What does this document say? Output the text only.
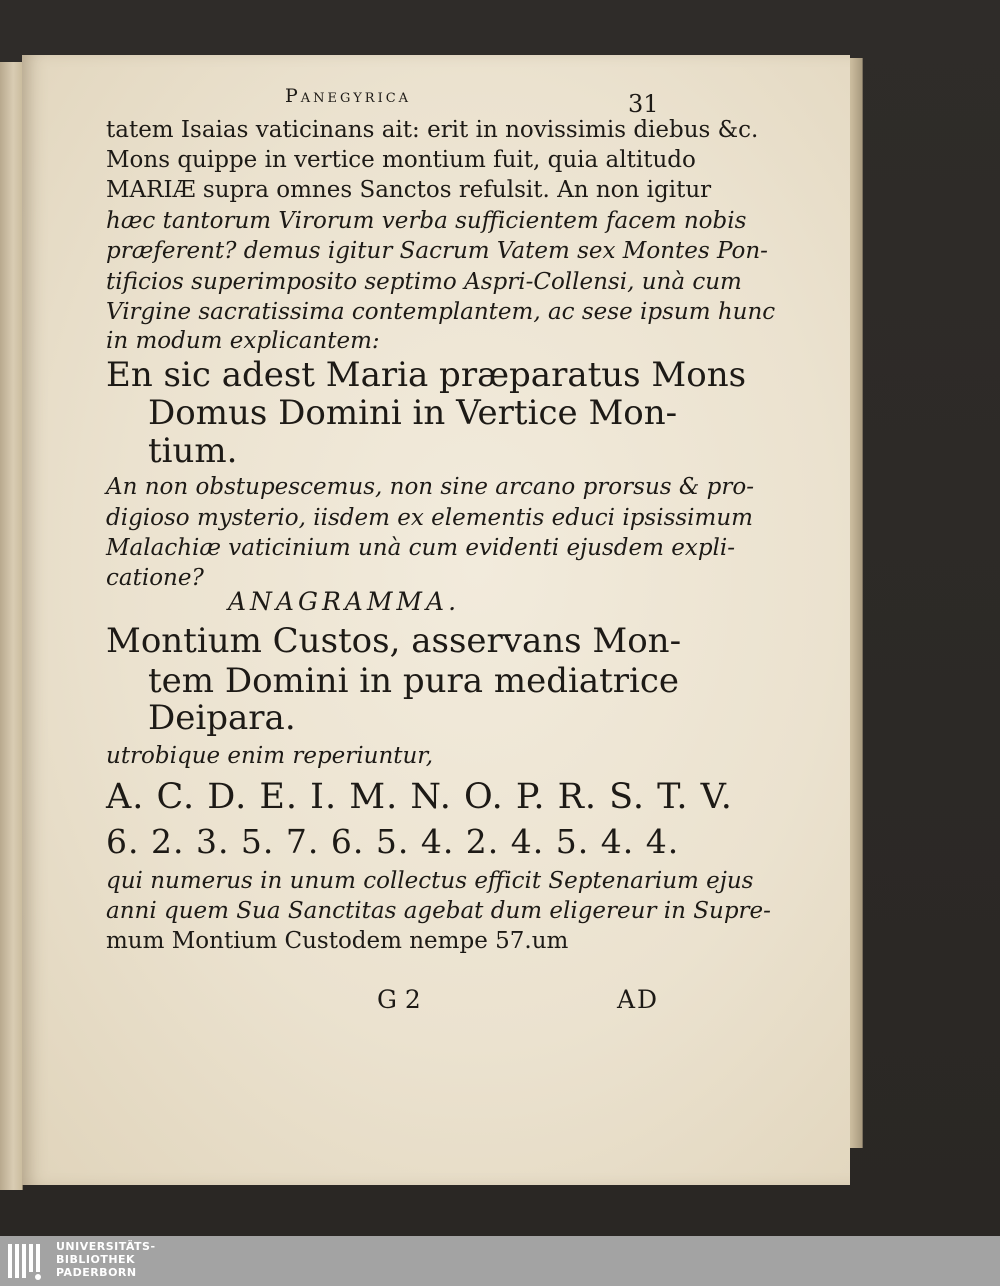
Panegyrica	31
tatem Isaias vaticinans ait: erit in novissimis diebus &c.
Mons quippe in vertice montium fuit, quia altitudo
MARIÆ supra omnes Sanctos refulsit. An non igitur
hæc tantorum Virorum verba sufficientem facem nobis
præferent? demus igitur Sacrum Vatem sex Montes Pon-
tificios superimposito septimo Aspri-Collensi, unà cum
Virgine sacratissima contemplantem, ac sese ipsum hunc
in modum explicantem:
En sic adest Maria præparatus Mons
Domus Domini in Vertice Mon-
tium.
An non obstupescemus, non sine arcano prorsus & pro-
digioso mysterio, iisdem ex elementis educi ipsissimum
Malachiæ vaticinium unà cum evidenti ejusdem expli-
catione?
ANAGRAMMA.
Montium Custos, asservans Mon-
tem Domini in pura mediatrice
Deipara.
utrobique enim reperiuntur,
A. C. D. E. I. M. N. O. P. R. S. T. V.
6. 2. 3. 5. 7. 6. 5. 4. 2. 4. 5. 4. 4.
qui numerus in unum collectus efficit Septenarium ejus
anni quem Sua Sanctitas agebat dum eligereur in Supre-
mum Montium Custodem nempe 57.um
G 2	AD
UNIVERSITÄTS-
BIBLIOTHEK
PADERBORN
